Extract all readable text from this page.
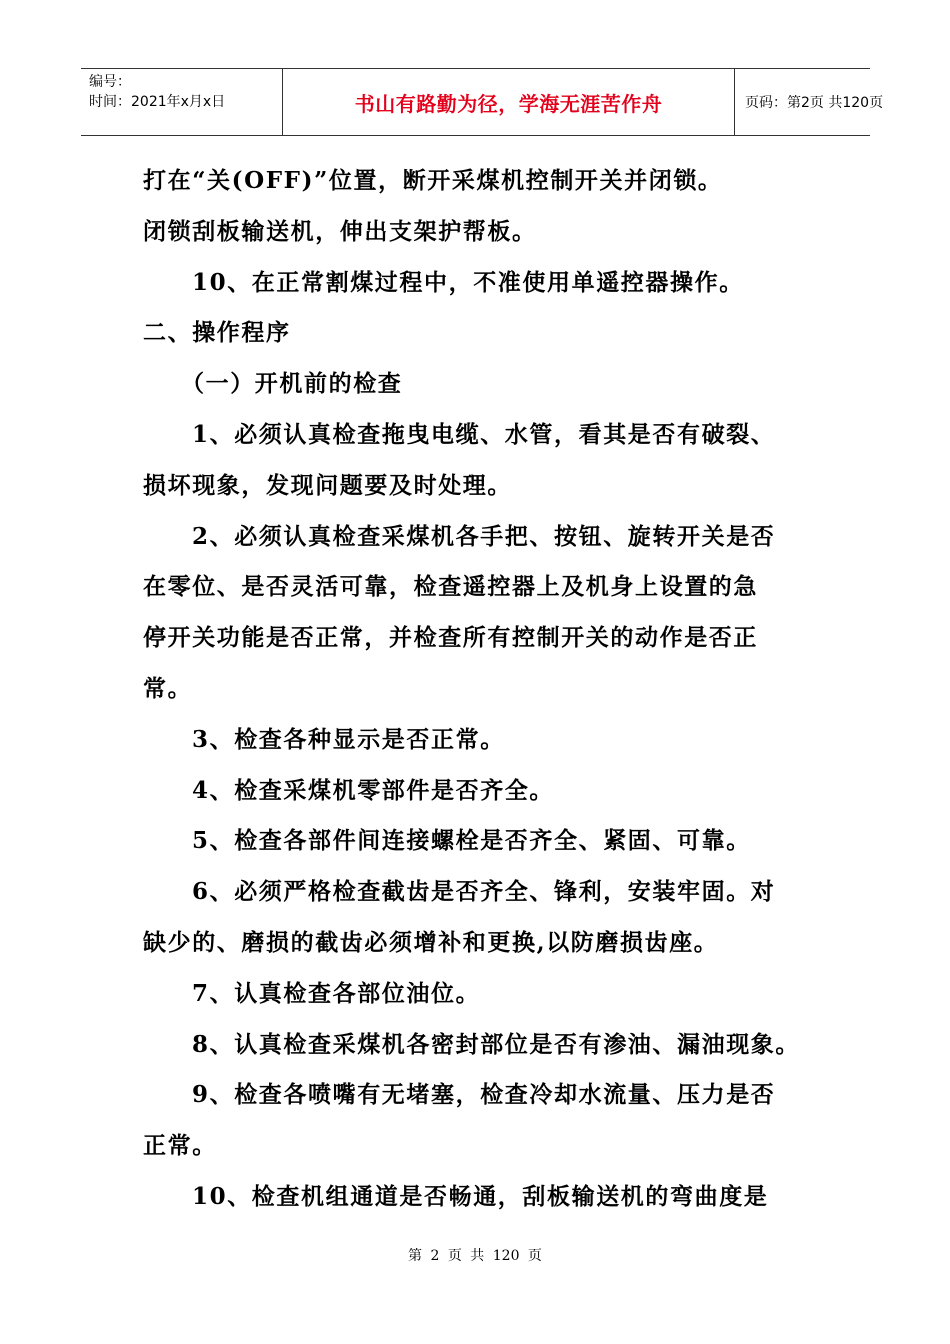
编号：
时间：2021年x月x日	书山有路勤为径，学海无涯苦作舟	页码：第2页 共120页
打在“关(OFF)”位置，断开采煤机控制开关并闭锁。
闭锁刮板输送机，伸出支架护帮板。
10、在正常割煤过程中，不准使用单遥控器操作。
二、操作程序
（一）开机前的检查
1、必须认真检查拖曳电缆、水管，看其是否有破裂、
损坏现象，发现问题要及时处理。
2、必须认真检查采煤机各手把、按钮、旋转开关是否
在零位、是否灵活可靠，检查遥控器上及机身上设置的急
停开关功能是否正常，并检查所有控制开关的动作是否正
常。
3、检查各种显示是否正常。
4、检查采煤机零部件是否齐全。
5、检查各部件间连接螺栓是否齐全、紧固、可靠。
6、必须严格检查截齿是否齐全、锋利，安装牢固。对
缺少的、磨损的截齿必须增补和更换,以防磨损齿座。
7、认真检查各部位油位。
8、认真检查采煤机各密封部位是否有渗油、漏油现象。
9、检查各喷嘴有无堵塞，检查冷却水流量、压力是否
正常。
10、检查机组通道是否畅通，刮板输送机的弯曲度是
第 2 页 共 120 页
